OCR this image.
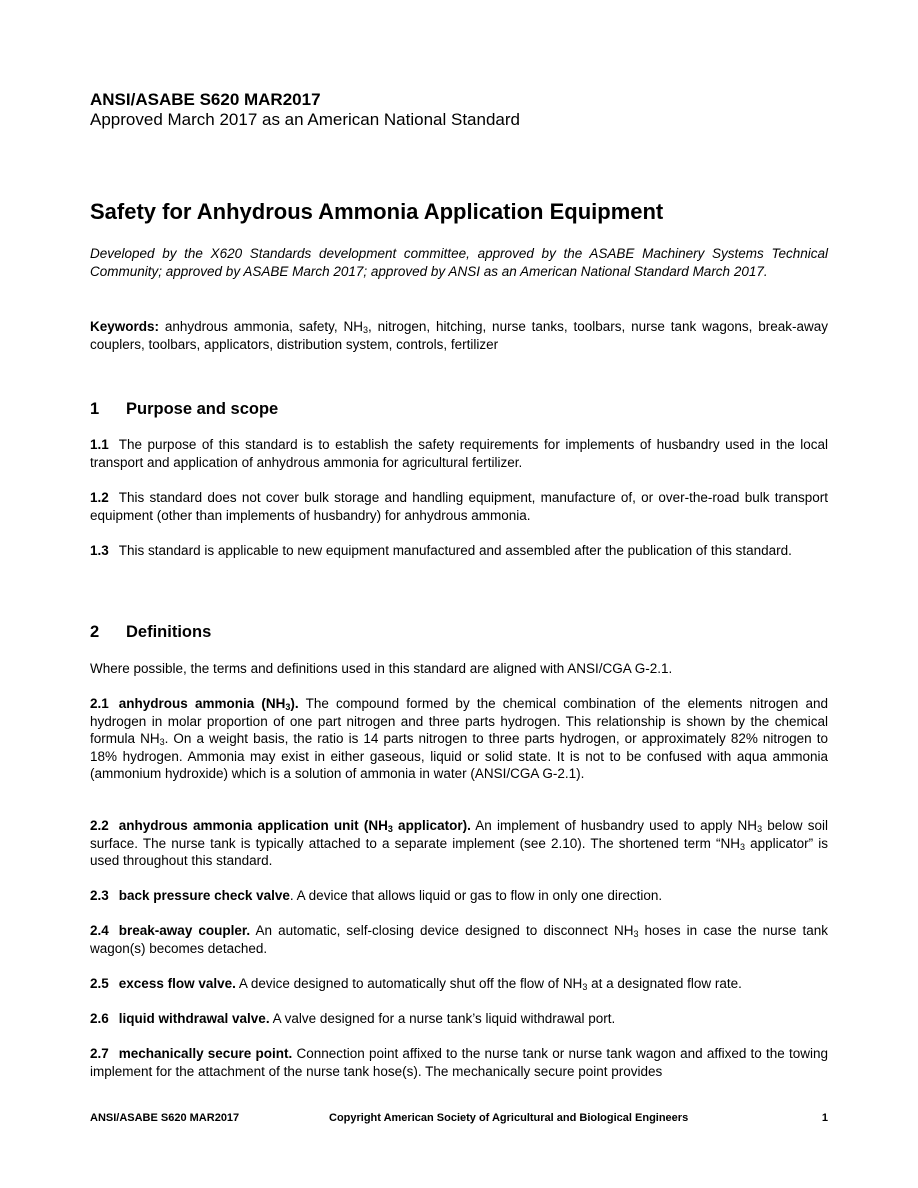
ANSI/ASABE S620 MAR2017

Approved March 2017 as an American National Standard

Safety for Anhydrous Ammonia Application Equipment

Developed by the X620 Standards development committee, approved by the ASABE Machinery Systems Technical Community; approved by ASABE March 2017; approved by ANSI as an American National Standard March 2017.

Keywords: anhydrous ammonia, safety, $NH_3$, nitrogen, hitching, nurse tanks, toolbars, nurse tank wagons, break-away couplers, toolbars, applicators, distribution system, controls, fertilizer

1 Purpose and scope

1.1 The purpose of this standard is to establish the safety requirements for implements of husbandry used in the local transport and application of anhydrous ammonia for agricultural fertilizer.

1.2 This standard does not cover bulk storage and handling equipment, manufacture of, or over-the-road bulk transport equipment (other than implements of husbandry) for anhydrous ammonia.

1.3 This standard is applicable to new equipment manufactured and assembled after the publication of this standard.

2 Definitions

Where possible, the terms and definitions used in this standard are aligned with ANSI/CGA G-2.1.

2.1 anhydrous ammonia $(NH_3)$. The compound formed by the chemical combination of the elements nitrogen and hydrogen in molar proportion of one part nitrogen and three parts hydrogen. This relationship is shown by the chemical formula $NH_3$. On a weight basis, the ratio is 14 parts nitrogen to three parts hydrogen, or approximately 82% nitrogen to 18% hydrogen. Ammonia may exist in either gaseous, liquid or solid state. It is not to be confused with aqua ammonia (ammonium hydroxide) which is a solution of ammonia in water (ANSI/CGA G-2.1).

2.2 anhydrous ammonia application unit ($NH_3$ applicator). An implement of husbandry used to apply $NH_3$ below soil surface. The nurse tank is typically attached to a separate implement (see 2.10). The shortened term “$NH_3$ applicator” is used throughout this standard.

2.3 back pressure check valve. A device that allows liquid or gas to flow in only one direction.

2.4 break-away coupler. An automatic, self-closing device designed to disconnect $NH_3$ hoses in case the nurse tank wagon(s) becomes detached.

2.5 excess flow valve. A device designed to automatically shut off the flow of $NH_3$ at a designated flow rate.

2.6 liquid withdrawal valve. A valve designed for a nurse tank’s liquid withdrawal port.

2.7 mechanically secure point. Connection point affixed to the nurse tank or nurse tank wagon and affixed to the towing implement for the attachment of the nurse tank hose(s). The mechanically secure point provides

ANSI/ASABE S620 MAR2017	Copyright American Society of Agricultural and Biological Engineers	1
